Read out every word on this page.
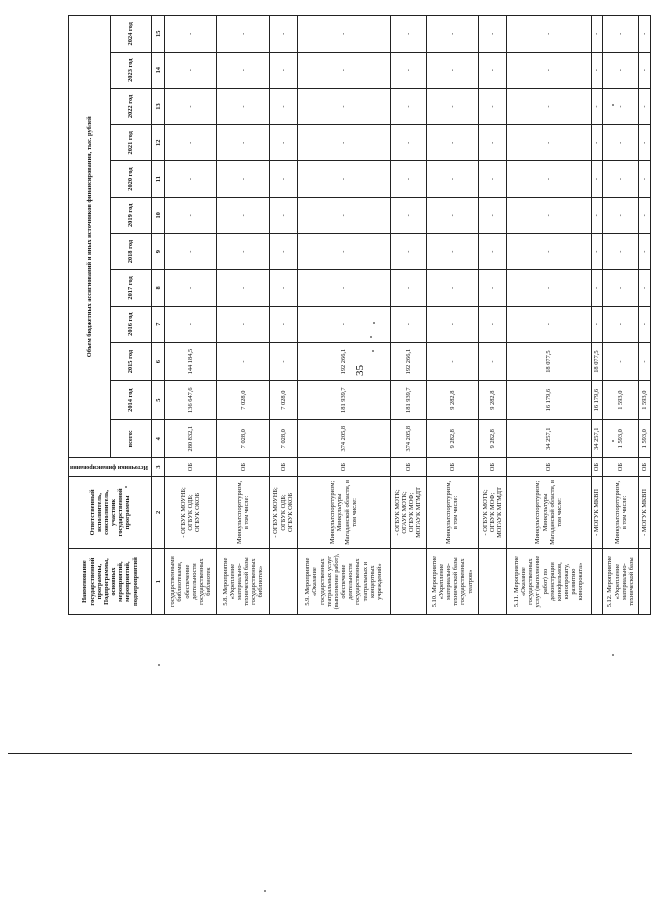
35
Наименование государственной программы, Подпрограммы, основных мероприятий, мероприятий, подмероприятий	Ответственный исполнитель, соисполнитель, участник государственной программы	Источники финансирования	Объем бюджетных ассигнований и иных источников финансирования, тыс. рублей											
			всего:	2014 год	2015 год	2016 год	2017 год	2018 год	2019 год	2020 год	2021 год	2022 год	2023 год	2024 год
1	2	3	4	5	6	7	8	9	10	11	12	13	14	15
государственными библиотеками, обеспечение деятельности государственных библиотек	- ОГБУК МОУНБ; ОГБУК ОДБ; ОГБУК ОКОБ	ОБ	280 832,1	136 647,6	144 184,5	-	-	-	-	-	-	-	-	-
5.8. Мероприятие «Укрепление материально-технической базы государственных библиотек»	Минкультспорттуризм, в том числе:	ОБ	7 028,0	7 028,0	-	-	-	-	-	-	-	-	-	-

	- ОГБУК МОУНБ; ОГБУК ОДБ; ОГБУК ОКОБ	ОБ	7 028,0	7 028,0	-	-	-	-	-	-	-	-	-	-
5.9. Мероприятие «Оказание государственных театральных услуг (выполнение работ), обеспечение деятельности государственных театральных и концертных учреждений»	Минкультспорттуризм; Минкультуры Магаданской области, в том числе:	ОБ	374 205,8	181 939,7	192 266,1	-	-	-	-	-	-	-	-	-

	- ОГБУК МОТК; ОГАУК МОТК; ОГБУК МОФ; МОГАУК МГМДТ	ОБ	374 205,8	181 939,7	192 266,1	-	-	-	-	-	-	-	-	-
5.10. Мероприятие «Укрепление материально-технической базы государственных театров»	Минкультспорттуризм, в том числе:	ОБ	9 282,8	9 282,8	-	-	-	-	-	-	-	-	-	-

	- ОГБУК МОТК; ОГБУК МОФ; МОГАУК МГМДТ	ОБ	9 282,8	9 282,8	-	-	-	-	-	-	-	-	-	-
5.11. Мероприятие «Оказание государственных услуг (выполнение работ) по демонстрации кинофильмов, кинопрокату, развитию кинопроката»	Минкультспорттуризм; Минкультуры Магаданской области, в том числе:	ОБ	34 257,1	16 179,6	18 077,5	-	-	-	-	-	-	-	-	-

	- МОГУК МКВП	ОБ	34 257,1	16 179,6	18 077,5	-	-	-	-	-	-	-	-	-
5.12. Мероприятие «Укрепление материально-технической базы	Минкультспорттуризм, в том числе:	ОБ	1 593,0	1 593,0	-	-	-	-	-	-	-	-	-	-

	- МОГУК МКВП	ОБ	1 593,0	1 593,0	-	-	-	-	-	-	-	-	-	-
